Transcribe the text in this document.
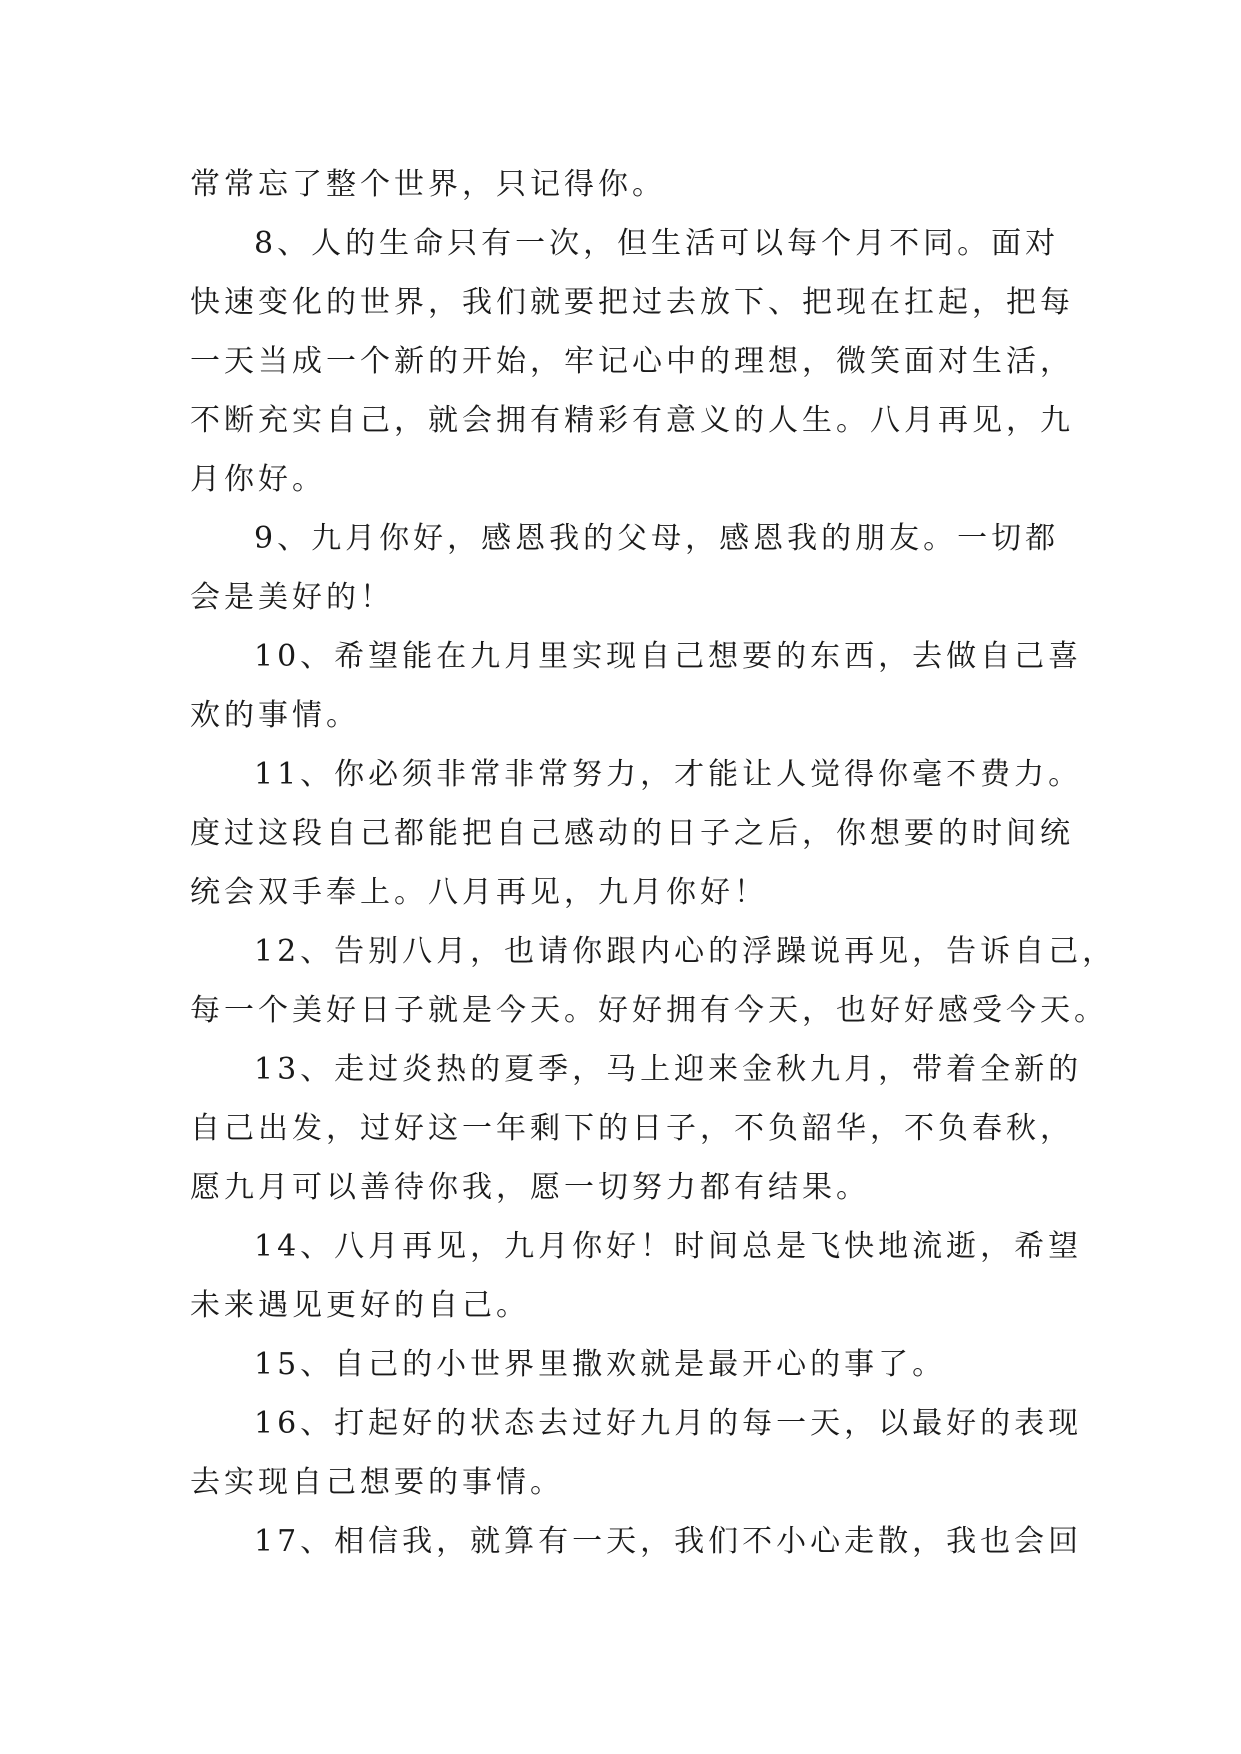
常常忘了整个世界，只记得你。
8、人的生命只有一次，但生活可以每个月不同。面对
快速变化的世界，我们就要把过去放下、把现在扛起，把每
一天当成一个新的开始，牢记心中的理想，微笑面对生活，
不断充实自己，就会拥有精彩有意义的人生。八月再见，九
月你好。
9、九月你好，感恩我的父母，感恩我的朋友。一切都
会是美好的！
10、希望能在九月里实现自己想要的东西，去做自己喜
欢的事情。
11、你必须非常非常努力，才能让人觉得你毫不费力。
度过这段自己都能把自己感动的日子之后，你想要的时间统
统会双手奉上。八月再见，九月你好！
12、告别八月，也请你跟内心的浮躁说再见，告诉自己，
每一个美好日子就是今天。好好拥有今天，也好好感受今天。
13、走过炎热的夏季，马上迎来金秋九月，带着全新的
自己出发，过好这一年剩下的日子，不负韶华，不负春秋，
愿九月可以善待你我，愿一切努力都有结果。
14、八月再见，九月你好！时间总是飞快地流逝，希望
未来遇见更好的自己。
15、自己的小世界里撒欢就是最开心的事了。
16、打起好的状态去过好九月的每一天，以最好的表现
去实现自己想要的事情。
17、相信我，就算有一天，我们不小心走散，我也会回
